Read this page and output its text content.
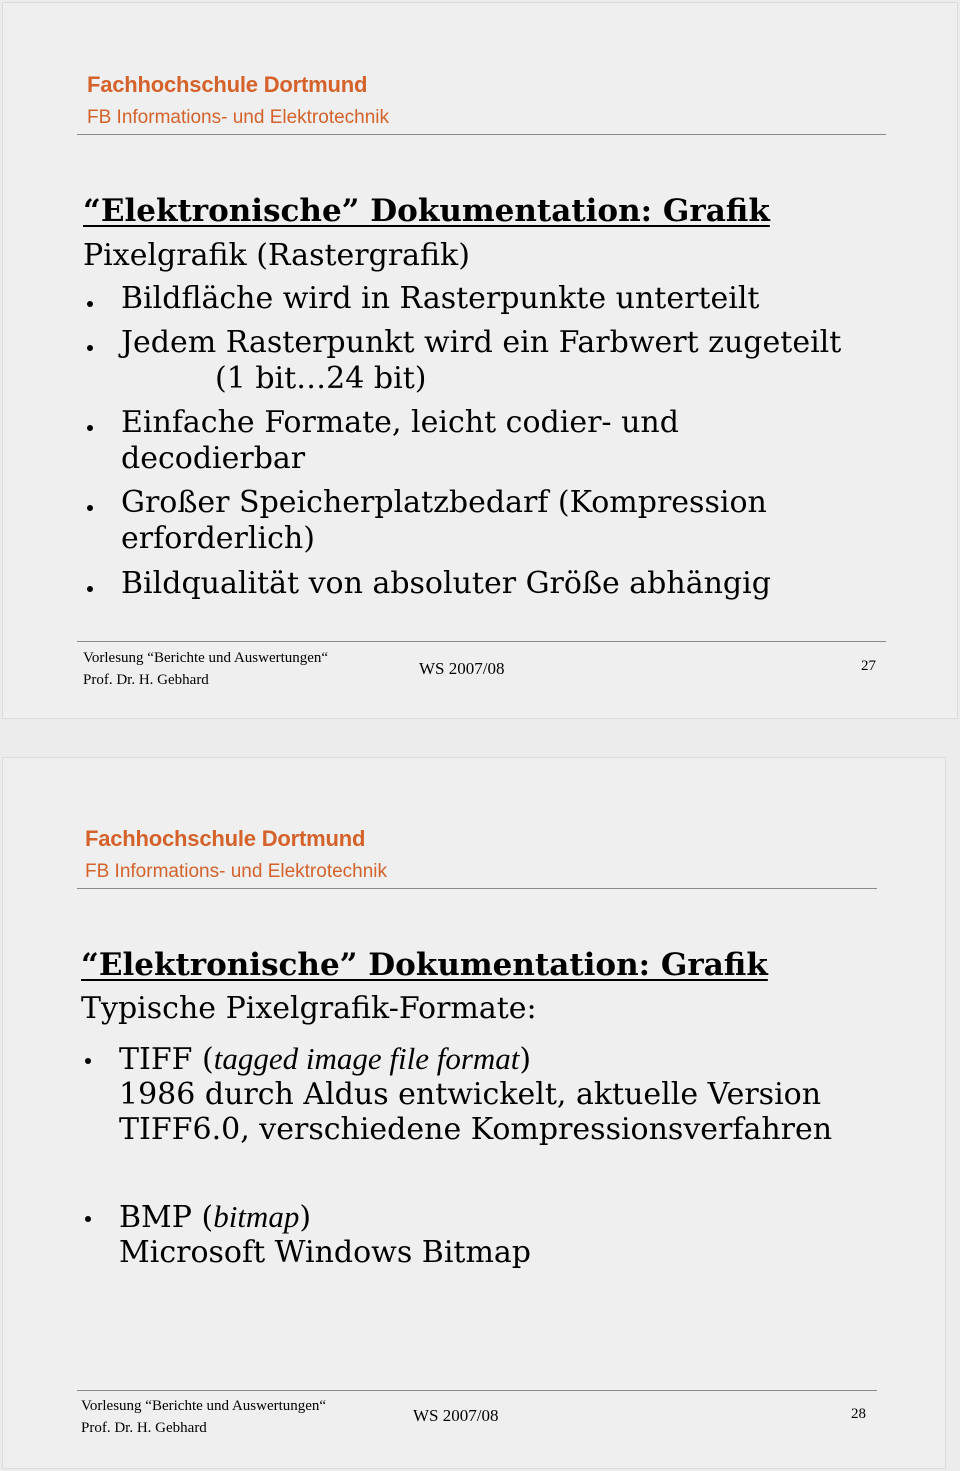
Fachhochschule Dortmund
FB Informations- und Elektrotechnik
“Elektronische” Dokumentation: Grafik
Pixelgrafik (Rastergrafik)
Bildfläche wird in Rasterpunkte unterteilt
Jedem Rasterpunkt wird ein Farbwert zugeteilt
(1 bit…24 bit)
Einfache Formate, leicht codier- und
decodierbar
Großer Speicherplatzbedarf (Kompression
erforderlich)
Bildqualität von absoluter Größe abhängig
Vorlesung “Berichte und Auswertungen“
Prof. Dr. H. Gebhard
WS 2007/08	27
Fachhochschule Dortmund
FB Informations- und Elektrotechnik
“Elektronische” Dokumentation: Grafik
Typische Pixelgrafik-Formate:
TIFF (tagged image file format)
1986 durch Aldus entwickelt, aktuelle Version
TIFF6.0, verschiedene Kompressionsverfahren
BMP (bitmap)
Microsoft Windows Bitmap
Vorlesung “Berichte und Auswertungen“
Prof. Dr. H. Gebhard
WS 2007/08	28
